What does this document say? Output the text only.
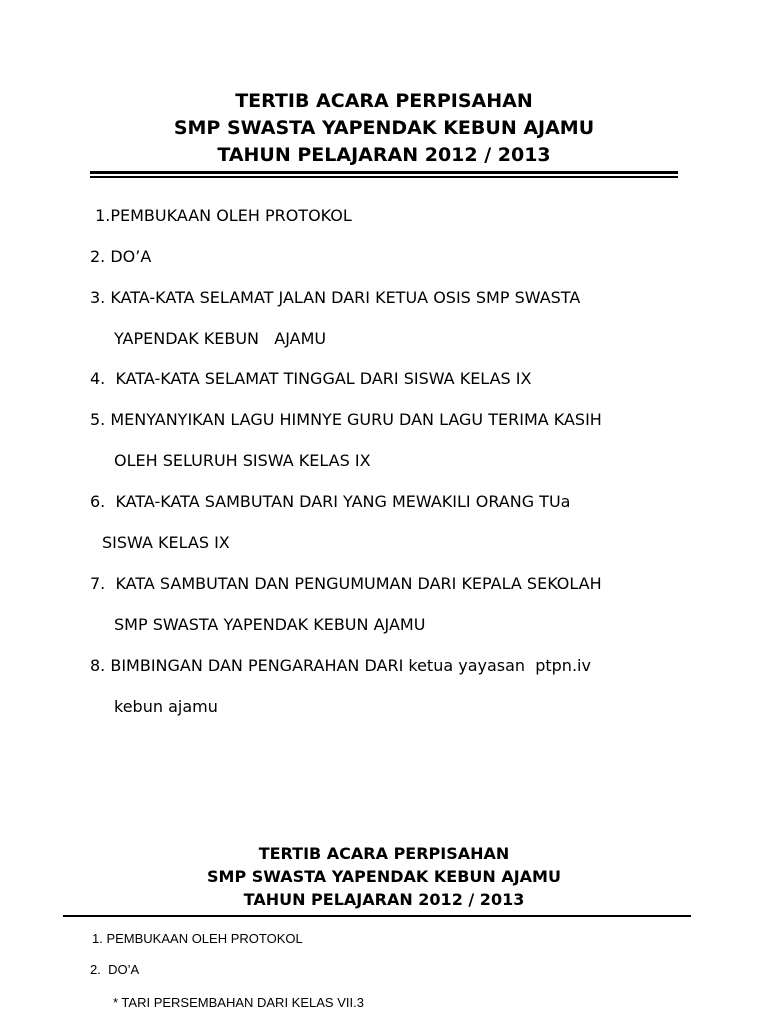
TERTIB ACARA PERPISAHAN
SMP SWASTA YAPENDAK KEBUN AJAMU
TAHUN PELAJARAN 2012 / 2013
1.PEMBUKAAN OLEH PROTOKOL
2. DO’A
3. KATA-KATA SELAMAT JALAN DARI KETUA OSIS SMP SWASTA
YAPENDAK KEBUN   AJAMU
4.  KATA-KATA SELAMAT TINGGAL DARI SISWA KELAS IX
5. MENYANYIKAN LAGU HIMNYE GURU DAN LAGU TERIMA KASIH
OLEH SELURUH SISWA KELAS IX
6.  KATA-KATA SAMBUTAN DARI YANG MEWAKILI ORANG TUa
SISWA KELAS IX
7.  KATA SAMBUTAN DAN PENGUMUMAN DARI KEPALA SEKOLAH
SMP SWASTA YAPENDAK KEBUN AJAMU
8. BIMBINGAN DAN PENGARAHAN DARI ketua yayasan  ptpn.iv
kebun ajamu
TERTIB ACARA PERPISAHAN
SMP SWASTA YAPENDAK KEBUN AJAMU
TAHUN PELAJARAN 2012 / 2013
1. PEMBUKAAN OLEH PROTOKOL
2.  DO’A
* TARI PERSEMBAHAN DARI KELAS VII.3
